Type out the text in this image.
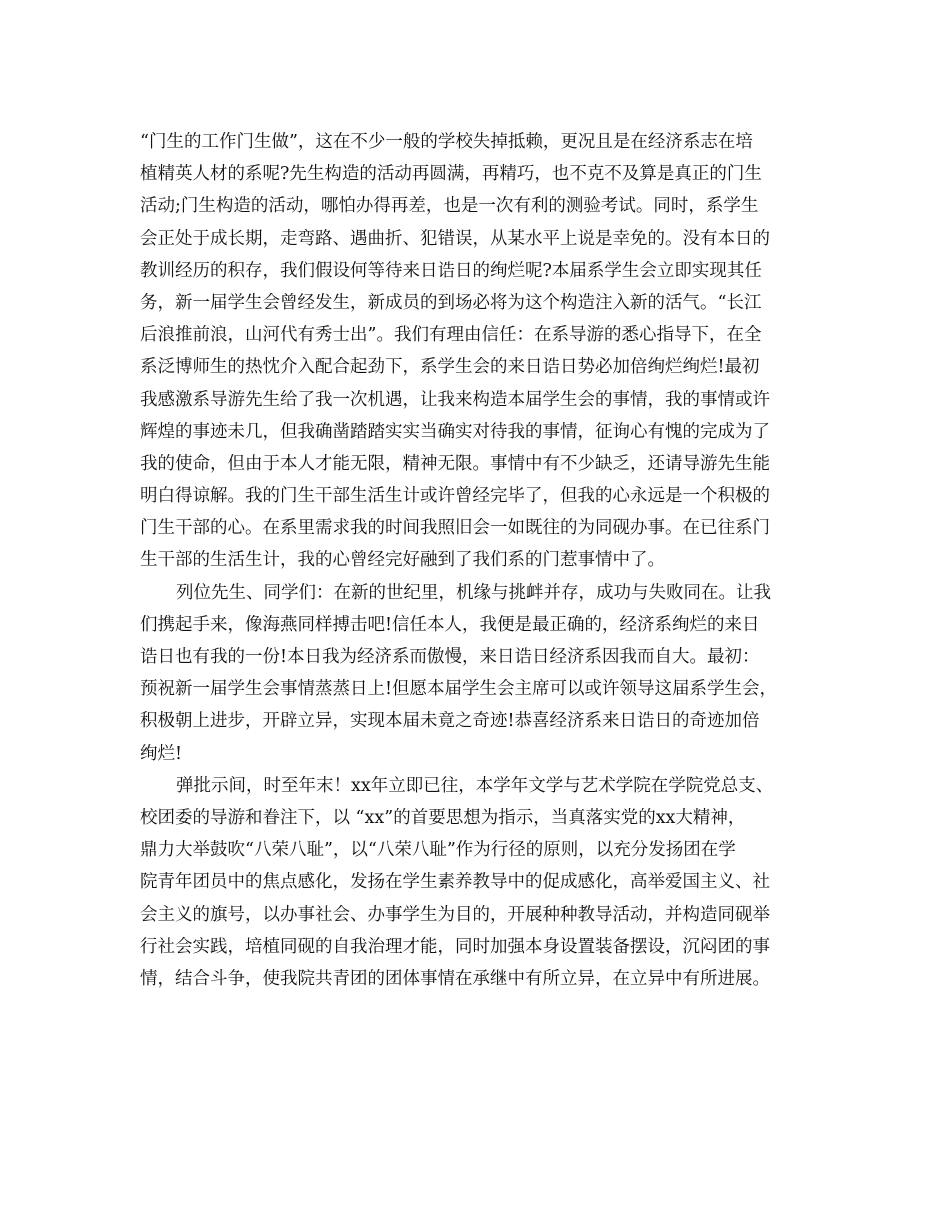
“门生的工作门生做”，这在不少一般的学校失掉抵赖，更况且是在经济系志在培
植精英人材的系呢?先生构造的活动再圆满，再精巧，也不克不及算是真正的门生
活动;门生构造的活动，哪怕办得再差，也是一次有利的测验考试。同时，系学生
会正处于成长期，走弯路、遇曲折、犯错误，从某水平上说是幸免的。没有本日的
教训经历的积存，我们假设何等待来日诰日的绚烂呢?本届系学生会立即实现其任
务，新一届学生会曾经发生，新成员的到场必将为这个构造注入新的活气。“长江
后浪推前浪，山河代有秀士出”。我们有理由信任：在系导游的悉心指导下，在全
系泛博师生的热忱介入配合起劲下，系学生会的来日诰日势必加倍绚烂绚烂!最初
我感激系导游先生给了我一次机遇，让我来构造本届学生会的事情，我的事情或许
辉煌的事迹未几，但我确凿踏踏实实当确实对待我的事情，征询心有愧的完成为了
我的使命，但由于本人才能无限，精神无限。事情中有不少缺乏，还请导游先生能
明白得谅解。我的门生干部生活生计或许曾经完毕了，但我的心永远是一个积极的
门生干部的心。在系里需求我的时间我照旧会一如既往的为同砚办事。在已往系门
生干部的生活生计，我的心曾经完好融到了我们系的门惹事情中了。
列位先生、同学们：在新的世纪里，机缘与挑衅并存，成功与失败同在。让我
们携起手来，像海燕同样搏击吧!信任本人，我便是最正确的，经济系绚烂的来日
诰日也有我的一份!本日我为经济系而傲慢，来日诰日经济系因我而自大。最初：
预祝新一届学生会事情蒸蒸日上!但愿本届学生会主席可以或许领导这届系学生会，
积极朝上进步，开辟立异，实现本届未竟之奇迹!恭喜经济系来日诰日的奇迹加倍
绚烂!
弹批示间，时至年末！xx年立即已往，本学年文学与艺术学院在学院党总支、
校团委的导游和眷注下，以 “xx”的首要思想为指示，当真落实党的xx大精神，
鼎力大举鼓吹“八荣八耻”，以“八荣八耻”作为行径的原则，以充分发扬团在学
院青年团员中的焦点感化，发扬在学生素养教导中的促成感化，高举爱国主义、社
会主义的旗号，以办事社会、办事学生为目的，开展种种教导活动，并构造同砚举
行社会实践，培植同砚的自我治理才能，同时加强本身设置装备摆设，沉闷团的事
情，结合斗争，使我院共青团的团体事情在承继中有所立异，在立异中有所进展。
